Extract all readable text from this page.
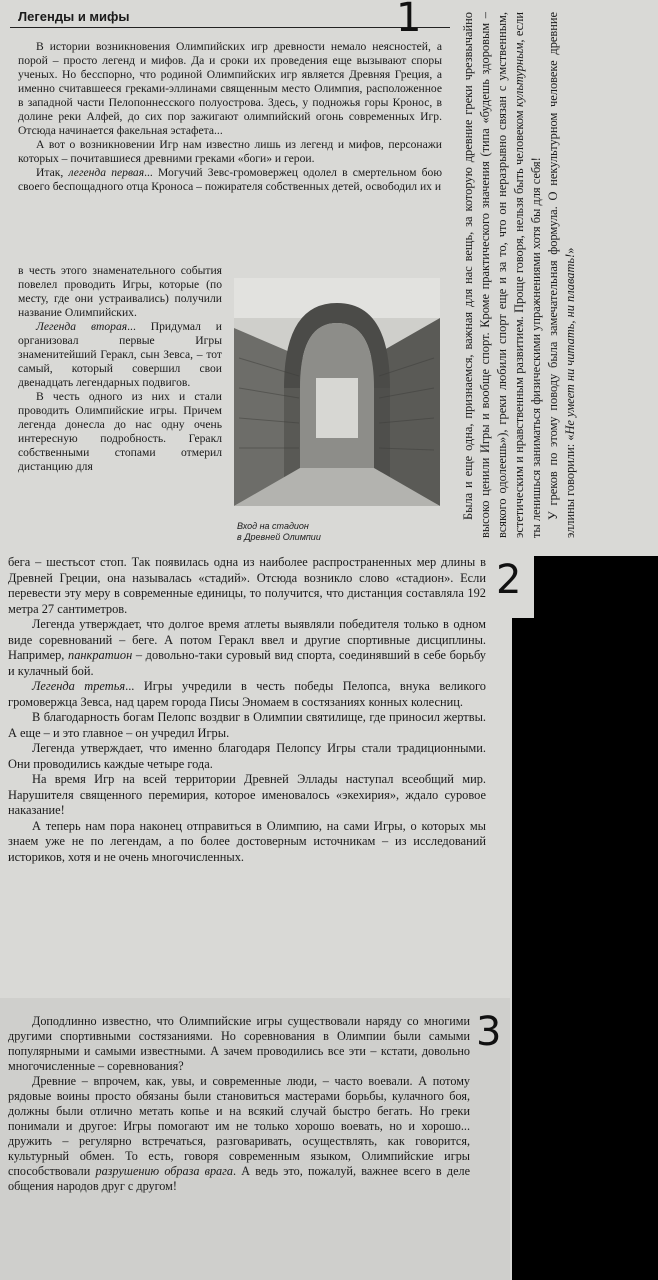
Легенды и мифы

В истории возникновения Олимпийских игр древности немало неясностей, а порой – просто легенд и мифов. Да и сроки их проведения еще вызывают споры ученых. Но бесспорно, что родиной Олимпийских игр является Древняя Греция, а именно считавшееся греками-эллинами священным место Олимпия, расположенное в западной части Пелопоннесского полуострова. Здесь, у подножья горы Кронос, в долине реки Алфей, до сих пор зажигают олимпийский огонь современных Игр. Отсюда начинается факельная эстафета...

А вот о возникновении Игр нам известно лишь из легенд и мифов, персонажи которых – почитавшиеся древними греками «боги» и герои.

Итак, легенда первая... Могучий Зевс-громовержец одолел в смертельном бою своего беспощадного отца Кроноса – пожирателя собственных детей, освободил их и

в честь этого знаменательного события повелел проводить Игры, которые (по месту, где они устраивались) получили название Олимпийских.

Легенда вторая... Придумал и организовал первые Игры знаменитейший Геракл, сын Зевса, – тот самый, который совершил свои двенадцать легендарных подвигов.

В честь одного из них и стали проводить Олимпийские игры. Причем легенда донесла до нас одну очень интересную подробность. Геракл собственными стопами отмерил дистанцию для

Вход на стадион
в Древней Олимпии

Была и еще одна, признаемся, важная для нас вещь, за которую древние греки чрезвычайно высоко ценили Игры и вообще спорт. Кроме практического значения (типа «будешь здоровым – всякого одолеешь»), греки любили спорт еще и за то, что он неразрывно связан с умственным, эстетическим и нравственным развитием. Проще говоря, нельзя быть человеком культурным, если ты ленишься заниматься физическими упражнениями хотя бы для себя! У греков по этому поводу была замечательная формула. О некультурном человеке древние эллины говорили: «Не умеет ни читать, ни плавать!»

бега – шестьсот стоп. Так появилась одна из наиболее распространенных мер длины в Древней Греции, она называлась «стадий». Отсюда возникло слово «стадион». Если перевести эту меру в современные единицы, то получится, что дистанция составляла 192 метра 27 сантиметров.

Легенда утверждает, что долгое время атлеты выявляли победителя только в одном виде соревнований – беге. А потом Геракл ввел и другие спортивные дисциплины. Например, панкратион – довольно-таки суровый вид спорта, соединявший в себе борьбу и кулачный бой.

Легенда третья... Игры учредили в честь победы Пелопса, внука великого громовержца Зевса, над царем города Писы Эномаем в состязаниях конных колесниц.

В благодарность богам Пелопс воздвиг в Олимпии святилище, где приносил жертвы. А еще – и это главное – он учредил Игры.

Легенда утверждает, что именно благодаря Пелопсу Игры стали традиционными. Они проводились каждые четыре года.

На время Игр на всей территории Древней Эллады наступал всеобщий мир. Нарушителя священного перемирия, которое именовалось «экехирия», ждало суровое наказание!

А теперь нам пора наконец отправиться в Олимпию, на сами Игры, о которых мы знаем уже не по легендам, а по более достоверным источникам – из исследований историков, хотя и не очень многочисленных.

Доподлинно известно, что Олимпийские игры существовали наряду со многими другими спортивными состязаниями. Но соревнования в Олимпии были самыми популярными и самыми известными. А зачем проводились все эти – кстати, довольно многочисленные – соревнования?

Древние – впрочем, как, увы, и современные люди, – часто воевали. А потому рядовые воины просто обязаны были становиться мастерами борьбы, кулачного боя, должны были отлично метать копье и на всякий случай быстро бегать. Но греки понимали и другое: Игры помогают им не только хорошо воевать, но и хорошо... дружить – регулярно встречаться, разговаривать, осуществлять, как говорится, культурный обмен. То есть, говоря современным языком, Олимпийские игры способствовали разрушению образа врага. А ведь это, пожалуй, важнее всего в деле общения народов друг с другом!

1
2
3
